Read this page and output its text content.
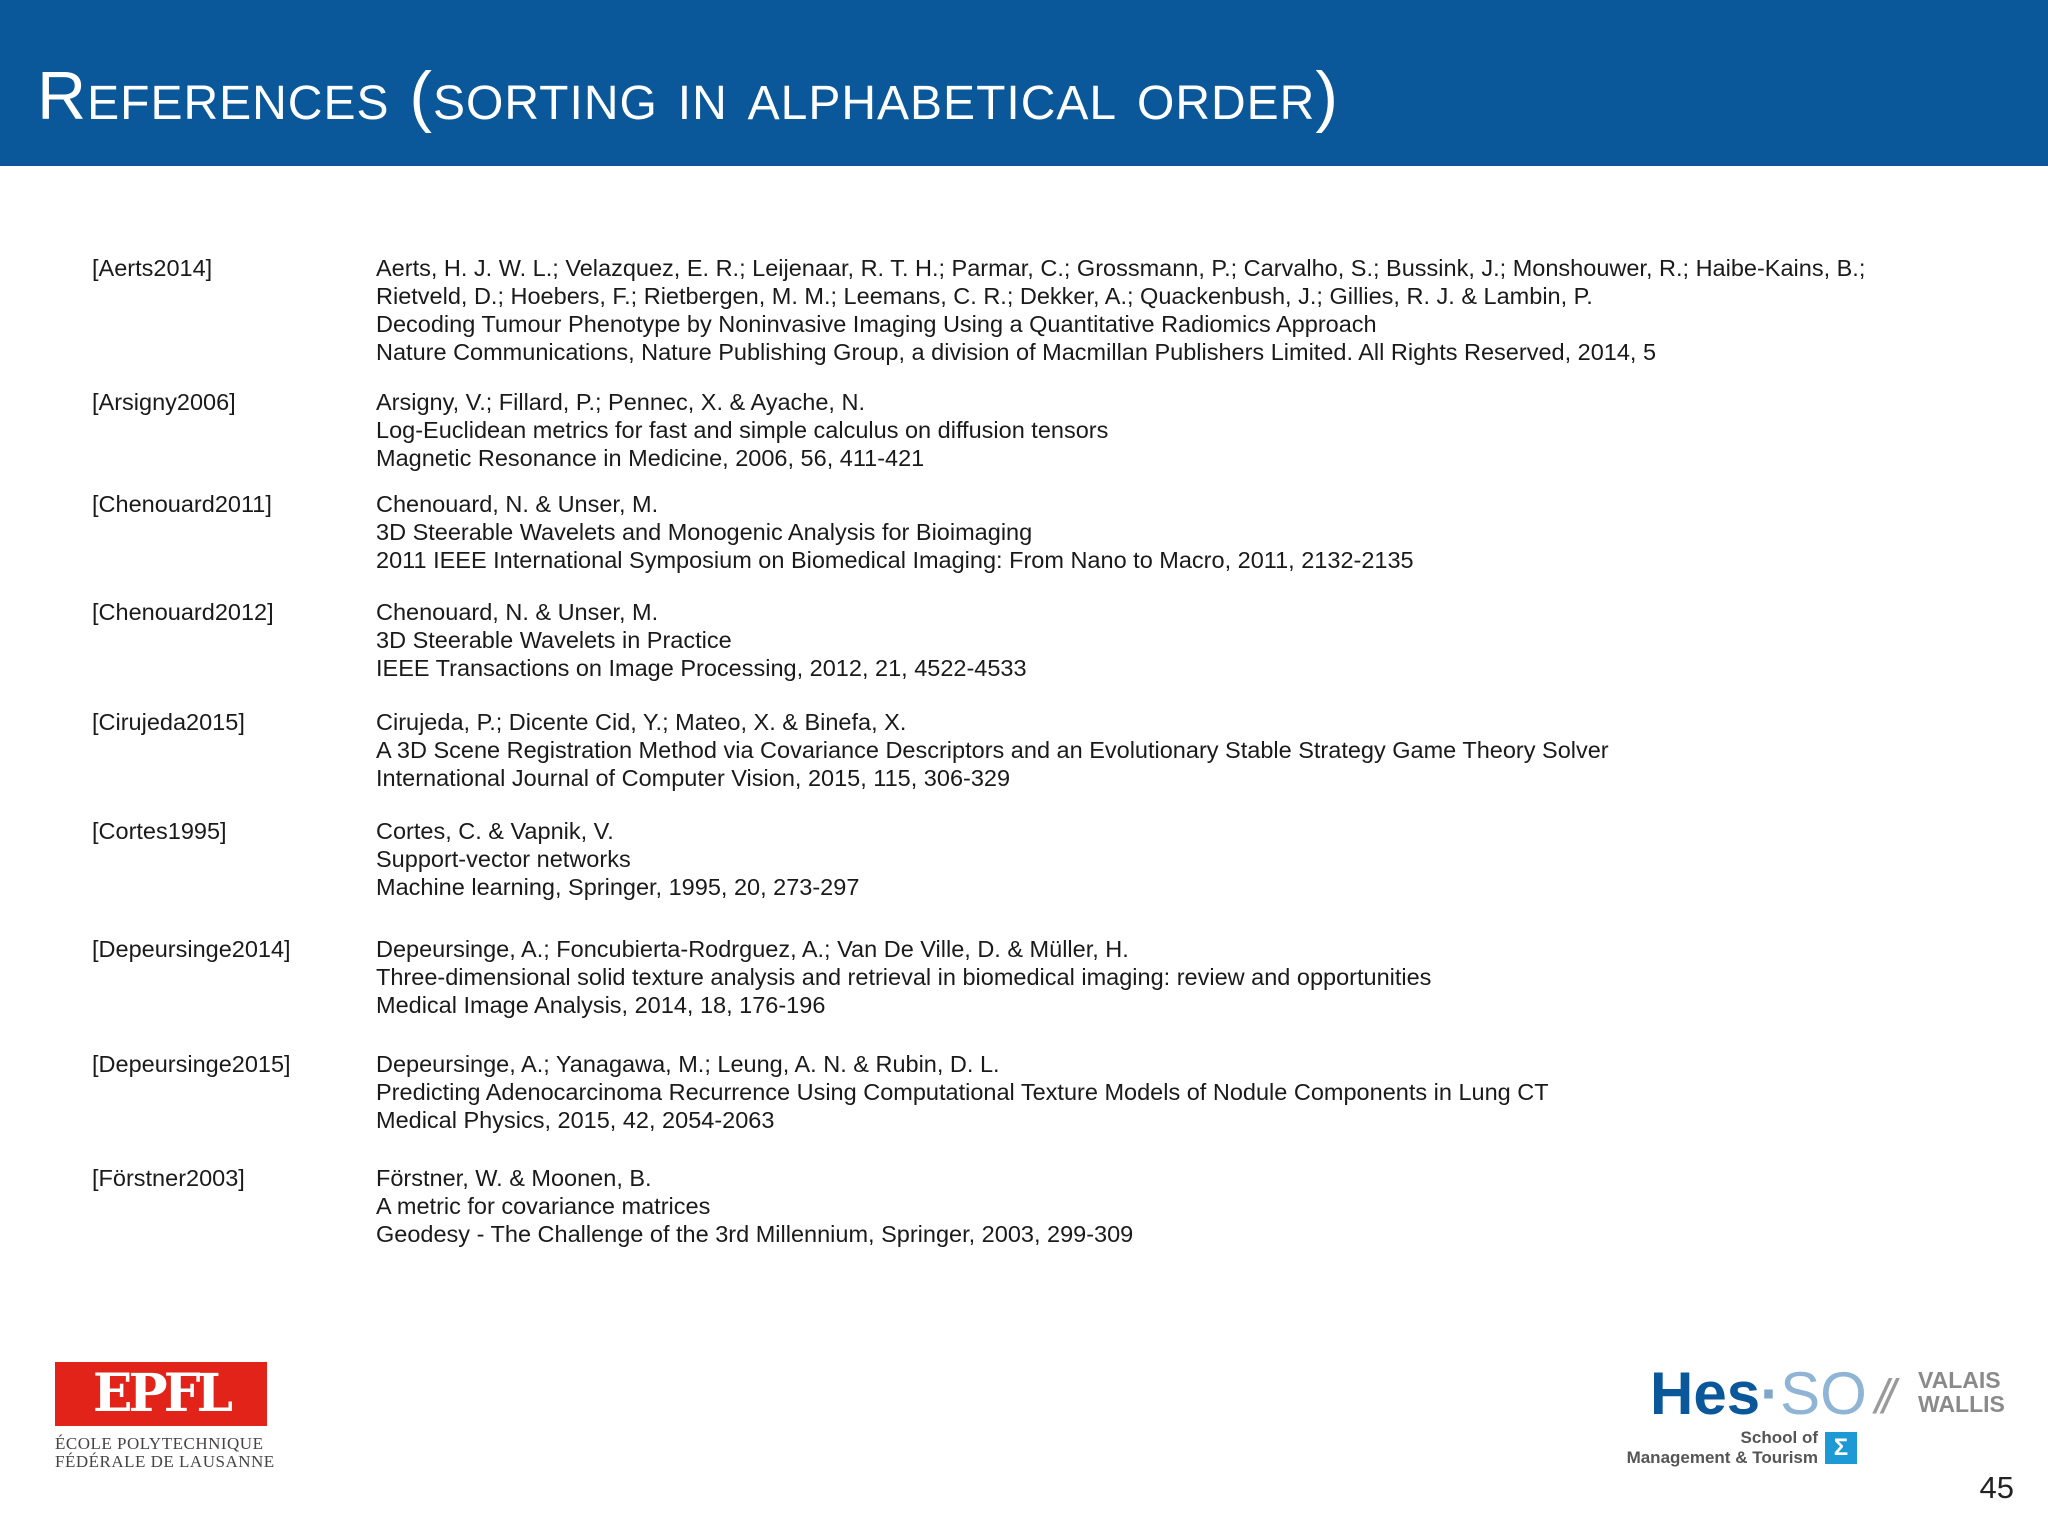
References (sorting in alphabetical order)
[Aerts2014]	Aerts, H. J. W. L.; Velazquez, E. R.; Leijenaar, R. T. H.; Parmar, C.; Grossmann, P.; Carvalho, S.; Bussink, J.; Monshouwer, R.; Haibe-Kains, B.;
Rietveld, D.; Hoebers, F.; Rietbergen, M. M.; Leemans, C. R.; Dekker, A.; Quackenbush, J.; Gillies, R. J. & Lambin, P.
Decoding Tumour Phenotype by Noninvasive Imaging Using a Quantitative Radiomics Approach
Nature Communications, Nature Publishing Group, a division of Macmillan Publishers Limited. All Rights Reserved, 2014, 5
[Arsigny2006]	Arsigny, V.; Fillard, P.; Pennec, X. & Ayache, N.
Log-Euclidean metrics for fast and simple calculus on diffusion tensors
Magnetic Resonance in Medicine, 2006, 56, 411-421
[Chenouard2011]	Chenouard, N. & Unser, M.
3D Steerable Wavelets and Monogenic Analysis for Bioimaging
2011 IEEE International Symposium on Biomedical Imaging: From Nano to Macro, 2011, 2132-2135
[Chenouard2012]	Chenouard, N. & Unser, M.
3D Steerable Wavelets in Practice
IEEE Transactions on Image Processing, 2012, 21, 4522-4533
[Cirujeda2015]	Cirujeda, P.; Dicente Cid, Y.; Mateo, X. & Binefa, X.
A 3D Scene Registration Method via Covariance Descriptors and an Evolutionary Stable Strategy Game Theory Solver
International Journal of Computer Vision, 2015, 115, 306-329
[Cortes1995]	Cortes, C. & Vapnik, V.
Support-vector networks
Machine learning, Springer, 1995, 20, 273-297
[Depeursinge2014]	Depeursinge, A.; Foncubierta-Rodrguez, A.; Van De Ville, D. & Müller, H.
Three-dimensional solid texture analysis and retrieval in biomedical imaging: review and opportunities
Medical Image Analysis, 2014, 18, 176-196
[Depeursinge2015]	Depeursinge, A.; Yanagawa, M.; Leung, A. N. & Rubin, D. L.
Predicting Adenocarcinoma Recurrence Using Computational Texture Models of Nodule Components in Lung CT
Medical Physics, 2015, 42, 2054-2063
[Förstner2003]	Förstner, W. & Moonen, B.
A metric for covariance matrices
Geodesy - The Challenge of the 3rd Millennium, Springer, 2003, 299-309
EPFL
ÉCOLE POLYTECHNIQUE
FÉDÉRALE DE LAUSANNE
Hes·SO // VALAIS
WALLIS
School of
Management & Tourism Σ
45
